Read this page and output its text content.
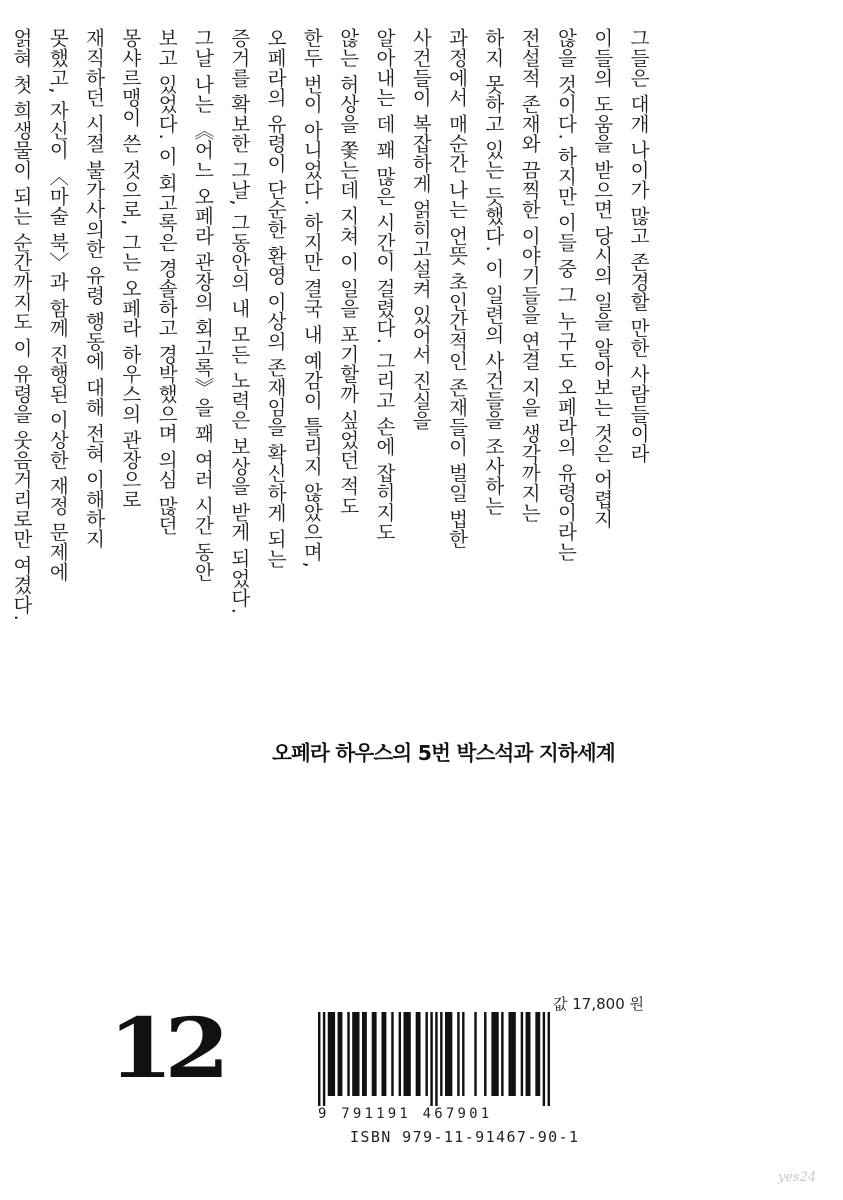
그들은 대개 나이가 많고 존경할 만한 사람들이라
이들의 도움을 받으면 당시의 일을 알아보는 것은 어렵지
않을 것이다. 하지만 이들 중 그 누구도 오페라의 유령이라는
전설적 존재와 끔찍한 이야기들을 연결 지을 생각까지는
하지 못하고 있는 듯했다. 이 일련의 사건들을 조사하는
과정에서 매순간 나는 언뜻 초인간적인 존재들이 벌일 법한
사건들이 복잡하게 얽히고설켜 있어서 진실을
알아내는 데 꽤 많은 시간이 걸렸다. 그리고 손에 잡히지도
않는 허상을 쫓는데 지쳐 이 일을 포기할까 싶었던 적도
한두 번이 아니었다. 하지만 결국 내 예감이 틀리지 않았으며,
오페라의 유령이 단순한 환영 이상의 존재임을 확신하게 되는
증거를 확보한 그날, 그동안의 내 모든 노력은 보상을 받게 되었다.
그날 나는 《어느 오페라 관장의 회고록》을 꽤 여러 시간 동안
보고 있었다. 이 회고록은 경솔하고 경박했으며 의심 많던
몽샤르맹이 쓴 것으로, 그는 오페라 하우스의 관장으로
재직하던 시절 불가사의한 유령 행동에 대해 전혀 이해하지
못했고, 자신이 〈마술 북〉과 함께 진행된 이상한 재정 문제에
얽혀 첫 희생물이 되는 순간까지도 이 유령을 웃음거리로만 여겼다.
오페라 하우스의 5번 박스석과 지하세계
12	값 17,800 원
9 791191 467901
ISBN 979-11-91467-90-1
yes24
